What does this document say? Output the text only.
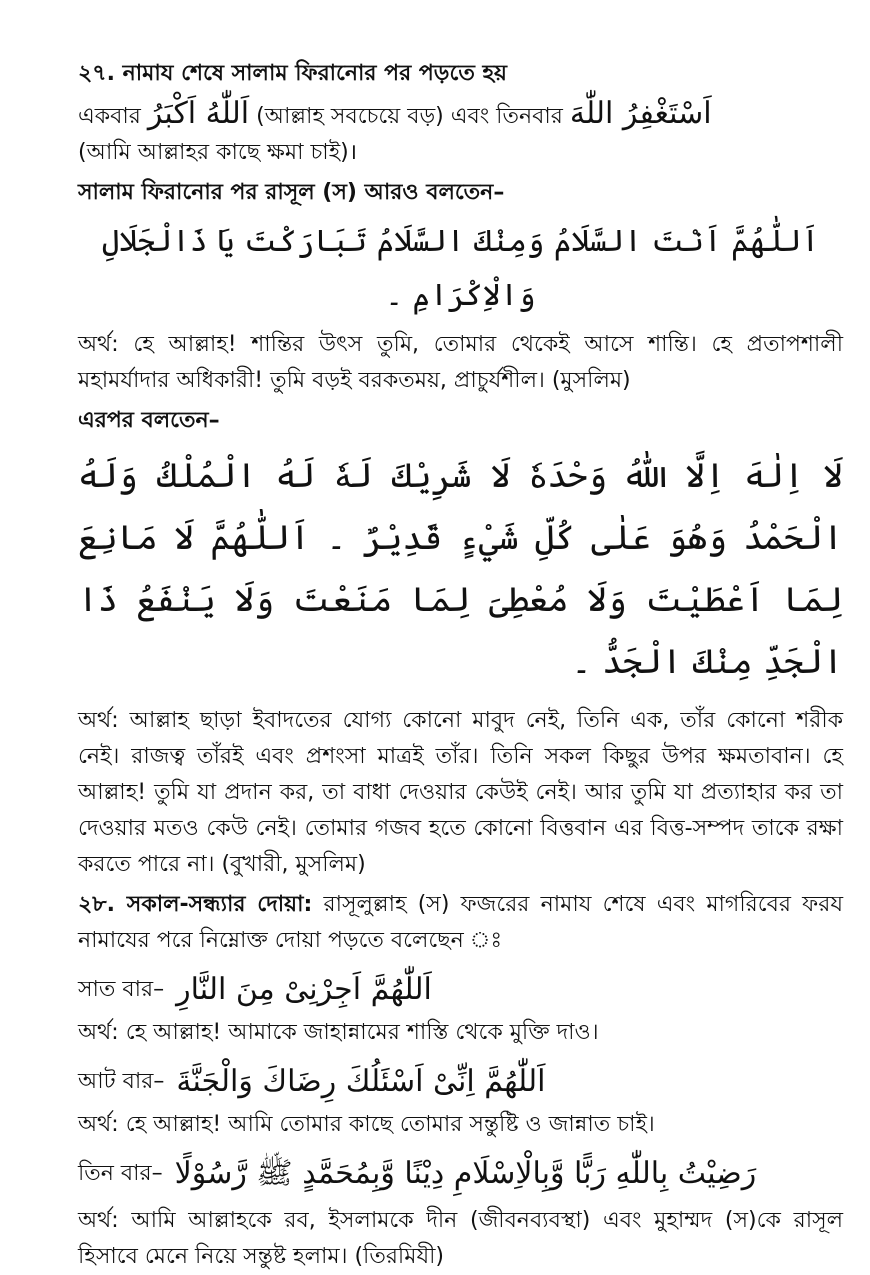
২৭. নামায শেষে সালাম ফিরানোর পর পড়তে হয়

একবার اَللّٰهُ اَكْبَرُ (আল্লাহ সবচেয়ে বড়) এবং তিনবার اَسْتَغْفِرُ اللّٰهَ
(আমি আল্লাহর কাছে ক্ষমা চাই)।

সালাম ফিরানোর পর রাসূল (স) আরও বলতেন–

اَللّٰهُمَّ اَنْتَ السَّلَامُ وَمِنْكَ السَّلَامُ تَبَارَكْتَ يَا ذَالْجَلَالِ وَالْاِكْرَامِ ۔

অর্থ: হে আল্লাহ! শান্তির উৎস তুমি, তোমার থেকেই আসে শান্তি। হে প্রতাপশালী মহামর্যাদার অধিকারী! তুমি বড়ই বরকতময়, প্রাচুর্যশীল। (মুসলিম)

এরপর বলতেন–

لَا اِلٰهَ اِلَّا اللّٰهُ وَحْدَهٗ لَا شَرِيْكَ لَهٗ لَهُ الْمُلْكُ وَلَهُ الْحَمْدُ وَهُوَ عَلٰى كُلِّ شَيْءٍ قَدِيْرٌ ۔ اَللّٰهُمَّ لَا مَانِعَ لِمَا اَعْطَيْتَ وَلَا مُعْطِىَ لِمَا مَنَعْتَ وَلَا يَنْفَعُ ذَا الْجَدِّ مِنْكَ الْجَدُّ ۔

অর্থ: আল্লাহ ছাড়া ইবাদতের যোগ্য কোনো মাবুদ নেই, তিনি এক, তাঁর কোনো শরীক নেই। রাজত্ব তাঁরই এবং প্রশংসা মাত্রই তাঁর। তিনি সকল কিছুর উপর ক্ষমতাবান। হে আল্লাহ! তুমি যা প্রদান কর, তা বাধা দেওয়ার কেউই নেই। আর তুমি যা প্রত্যাহার কর তা দেওয়ার মতও কেউ নেই। তোমার গজব হতে কোনো বিত্তবান এর বিত্ত-সম্পদ তাকে রক্ষা করতে পারে না। (বুখারী, মুসলিম)

২৮. সকাল-সন্ধ্যার দোয়া: রাসূলুল্লাহ (স) ফজরের নামায শেষে এবং মাগরিবের ফরয নামাযের পরে নিম্নোক্ত দোয়া পড়তে বলেছেন ঃ

সাত বার– اَللّٰهُمَّ اَجِرْنِىْ مِنَ النَّارِ

অর্থ: হে আল্লাহ! আমাকে জাহান্নামের শাস্তি থেকে মুক্তি দাও।

আট বার– اَللّٰهُمَّ اِنِّىْ اَسْئَلُكَ رِضَاكَ وَالْجَنَّةَ

অর্থ: হে আল্লাহ! আমি তোমার কাছে তোমার সন্তুষ্টি ও জান্নাত চাই।

তিন বার– رَضِيْتُ بِاللّٰهِ رَبًّا وَّبِالْاِسْلَامِ دِيْنًا وَّبِمُحَمَّدٍ ﷺ رَّسُوْلًا

অর্থ: আমি আল্লাহকে রব, ইসলামকে দীন (জীবনব্যবস্থা) এবং মুহাম্মদ (স)কে রাসূল হিসাবে মেনে নিয়ে সন্তুষ্ট হলাম। (তিরমিযী)
